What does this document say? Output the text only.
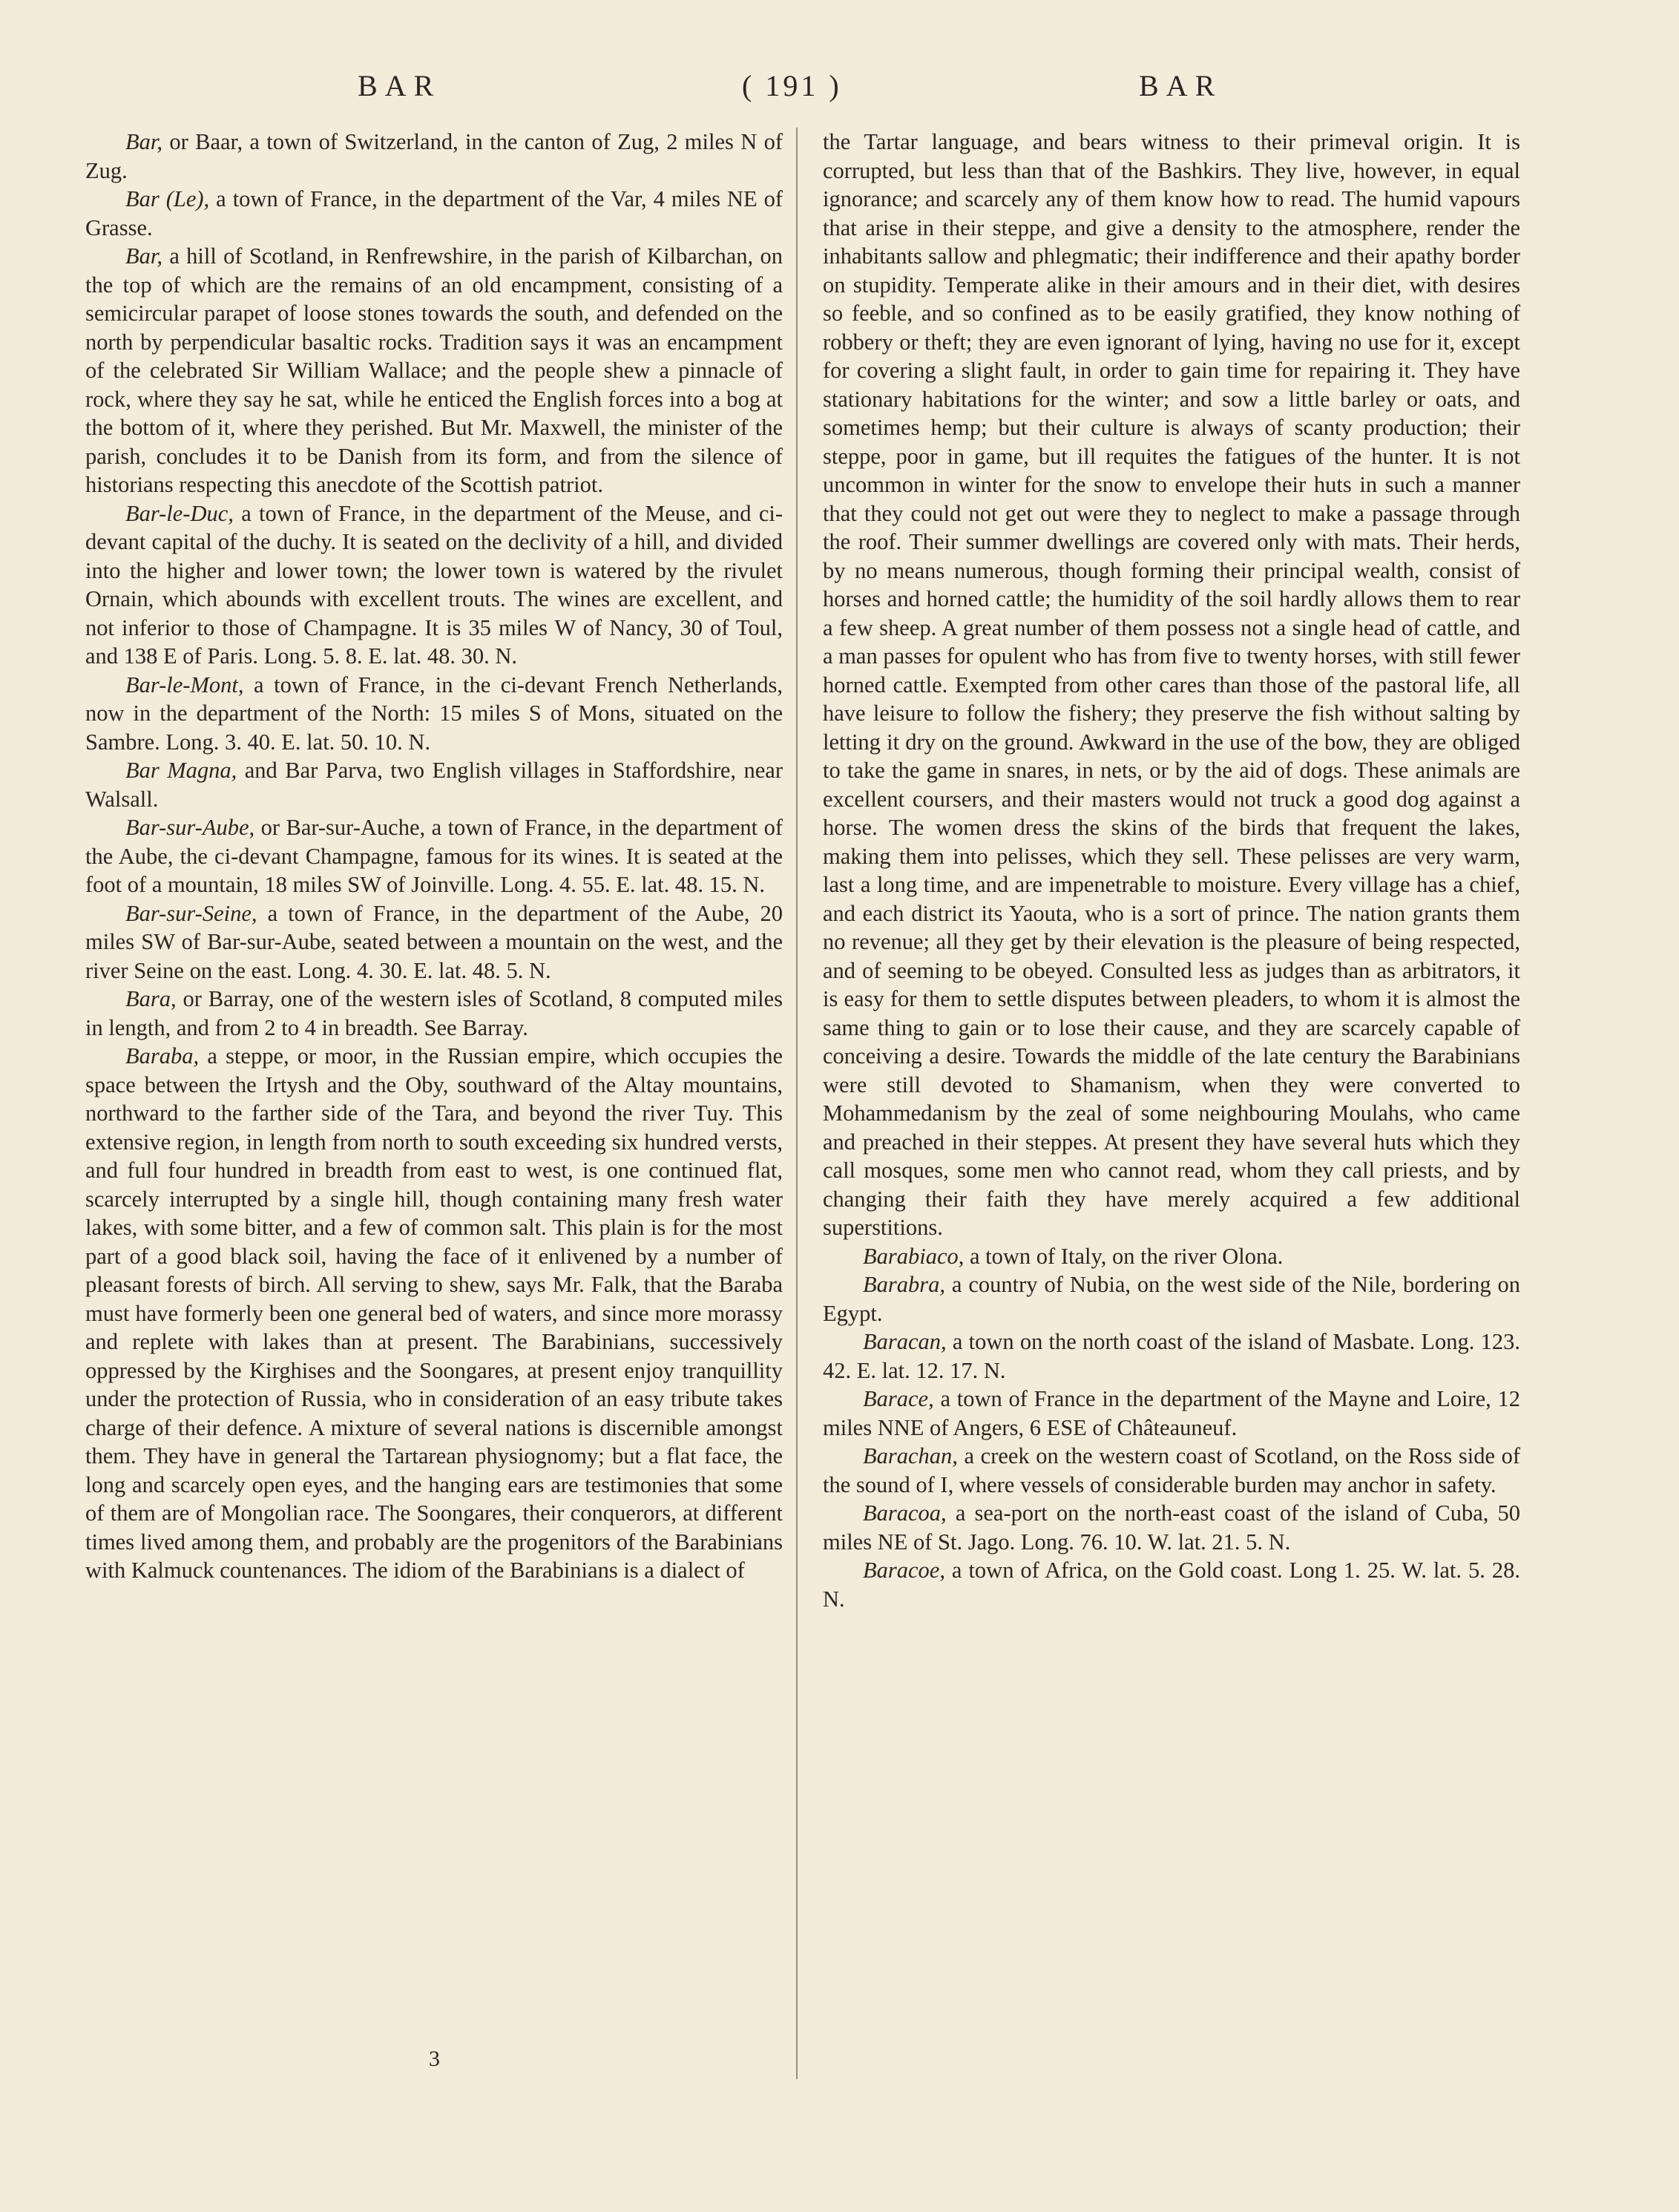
BAR	( 191 )	BAR

Bar, or Baar, a town of Switzerland, in the canton of Zug, 2 miles N of Zug.

Bar (Le), a town of France, in the department of the Var, 4 miles NE of Grasse.

Bar, a hill of Scotland, in Renfrewshire, in the parish of Kilbarchan, on the top of which are the remains of an old encampment, consisting of a semicircular parapet of loose stones towards the south, and defended on the north by perpendicular basaltic rocks. Tradition says it was an encampment of the celebrated Sir William Wallace; and the people shew a pinnacle of rock, where they say he sat, while he enticed the English forces into a bog at the bottom of it, where they perished. But Mr. Maxwell, the minister of the parish, concludes it to be Danish from its form, and from the silence of historians respecting this anecdote of the Scottish patriot.

Bar-le-Duc, a town of France, in the department of the Meuse, and ci-devant capital of the duchy. It is seated on the declivity of a hill, and divided into the higher and lower town; the lower town is watered by the rivulet Ornain, which abounds with excellent trouts. The wines are excellent, and not inferior to those of Champagne. It is 35 miles W of Nancy, 30 of Toul, and 138 E of Paris. Long. 5. 8. E. lat. 48. 30. N.

Bar-le-Mont, a town of France, in the ci-devant French Netherlands, now in the department of the North: 15 miles S of Mons, situated on the Sambre. Long. 3. 40. E. lat. 50. 10. N.

Bar Magna, and Bar Parva, two English villages in Staffordshire, near Walsall.

Bar-sur-Aube, or Bar-sur-Auche, a town of France, in the department of the Aube, the ci-devant Champagne, famous for its wines. It is seated at the foot of a mountain, 18 miles SW of Joinville. Long. 4. 55. E. lat. 48. 15. N.

Bar-sur-Seine, a town of France, in the department of the Aube, 20 miles SW of Bar-sur-Aube, seated between a mountain on the west, and the river Seine on the east. Long. 4. 30. E. lat. 48. 5. N.

Bara, or Barray, one of the western isles of Scotland, 8 computed miles in length, and from 2 to 4 in breadth. See Barray.

Baraba, a steppe, or moor, in the Russian empire, which occupies the space between the Irtysh and the Oby, southward of the Altay mountains, northward to the farther side of the Tara, and beyond the river Tuy. This extensive region, in length from north to south exceeding six hundred versts, and full four hundred in breadth from east to west, is one continued flat, scarcely interrupted by a single hill, though containing many fresh water lakes, with some bitter, and a few of common salt. This plain is for the most part of a good black soil, having the face of it enlivened by a number of pleasant forests of birch. All serving to shew, says Mr. Falk, that the Baraba must have formerly been one general bed of waters, and since more morassy and replete with lakes than at present. The Barabinians, successively oppressed by the Kirghises and the Soongares, at present enjoy tranquillity under the protection of Russia, who in consideration of an easy tribute takes charge of their defence. A mixture of several nations is discernible amongst them. They have in general the Tartarean physiognomy; but a flat face, the long and scarcely open eyes, and the hanging ears are testimonies that some of them are of Mongolian race. The Soongares, their conquerors, at different times lived among them, and probably are the progenitors of the Barabinians with Kalmuck countenances. The idiom of the Barabinians is a dialect of

the Tartar language, and bears witness to their primeval origin. It is corrupted, but less than that of the Bashkirs. They live, however, in equal ignorance; and scarcely any of them know how to read. The humid vapours that arise in their steppe, and give a density to the atmosphere, render the inhabitants sallow and phlegmatic; their indifference and their apathy border on stupidity. Temperate alike in their amours and in their diet, with desires so feeble, and so confined as to be easily gratified, they know nothing of robbery or theft; they are even ignorant of lying, having no use for it, except for covering a slight fault, in order to gain time for repairing it. They have stationary habitations for the winter; and sow a little barley or oats, and sometimes hemp; but their culture is always of scanty production; their steppe, poor in game, but ill requites the fatigues of the hunter. It is not uncommon in winter for the snow to envelope their huts in such a manner that they could not get out were they to neglect to make a passage through the roof. Their summer dwellings are covered only with mats. Their herds, by no means numerous, though forming their principal wealth, consist of horses and horned cattle; the humidity of the soil hardly allows them to rear a few sheep. A great number of them possess not a single head of cattle, and a man passes for opulent who has from five to twenty horses, with still fewer horned cattle. Exempted from other cares than those of the pastoral life, all have leisure to follow the fishery; they preserve the fish without salting by letting it dry on the ground. Awkward in the use of the bow, they are obliged to take the game in snares, in nets, or by the aid of dogs. These animals are excellent coursers, and their masters would not truck a good dog against a horse. The women dress the skins of the birds that frequent the lakes, making them into pelisses, which they sell. These pelisses are very warm, last a long time, and are impenetrable to moisture. Every village has a chief, and each district its Yaouta, who is a sort of prince. The nation grants them no revenue; all they get by their elevation is the pleasure of being respected, and of seeming to be obeyed. Consulted less as judges than as arbitrators, it is easy for them to settle disputes between pleaders, to whom it is almost the same thing to gain or to lose their cause, and they are scarcely capable of conceiving a desire. Towards the middle of the late century the Barabinians were still devoted to Shamanism, when they were converted to Mohammedanism by the zeal of some neighbouring Moulahs, who came and preached in their steppes. At present they have several huts which they call mosques, some men who cannot read, whom they call priests, and by changing their faith they have merely acquired a few additional superstitions.

Barabiaco, a town of Italy, on the river Olona.

Barabra, a country of Nubia, on the west side of the Nile, bordering on Egypt.

Baracan, a town on the north coast of the island of Masbate. Long. 123. 42. E. lat. 12. 17. N.

Barace, a town of France in the department of the Mayne and Loire, 12 miles NNE of Angers, 6 ESE of Châteauneuf.

Barachan, a creek on the western coast of Scotland, on the Ross side of the sound of I, where vessels of considerable burden may anchor in safety.

Baracoa, a sea-port on the north-east coast of the island of Cuba, 50 miles NE of St. Jago. Long. 76. 10. W. lat. 21. 5. N.

Baracoe, a town of Africa, on the Gold coast. Long 1. 25. W. lat. 5. 28. N.

3
